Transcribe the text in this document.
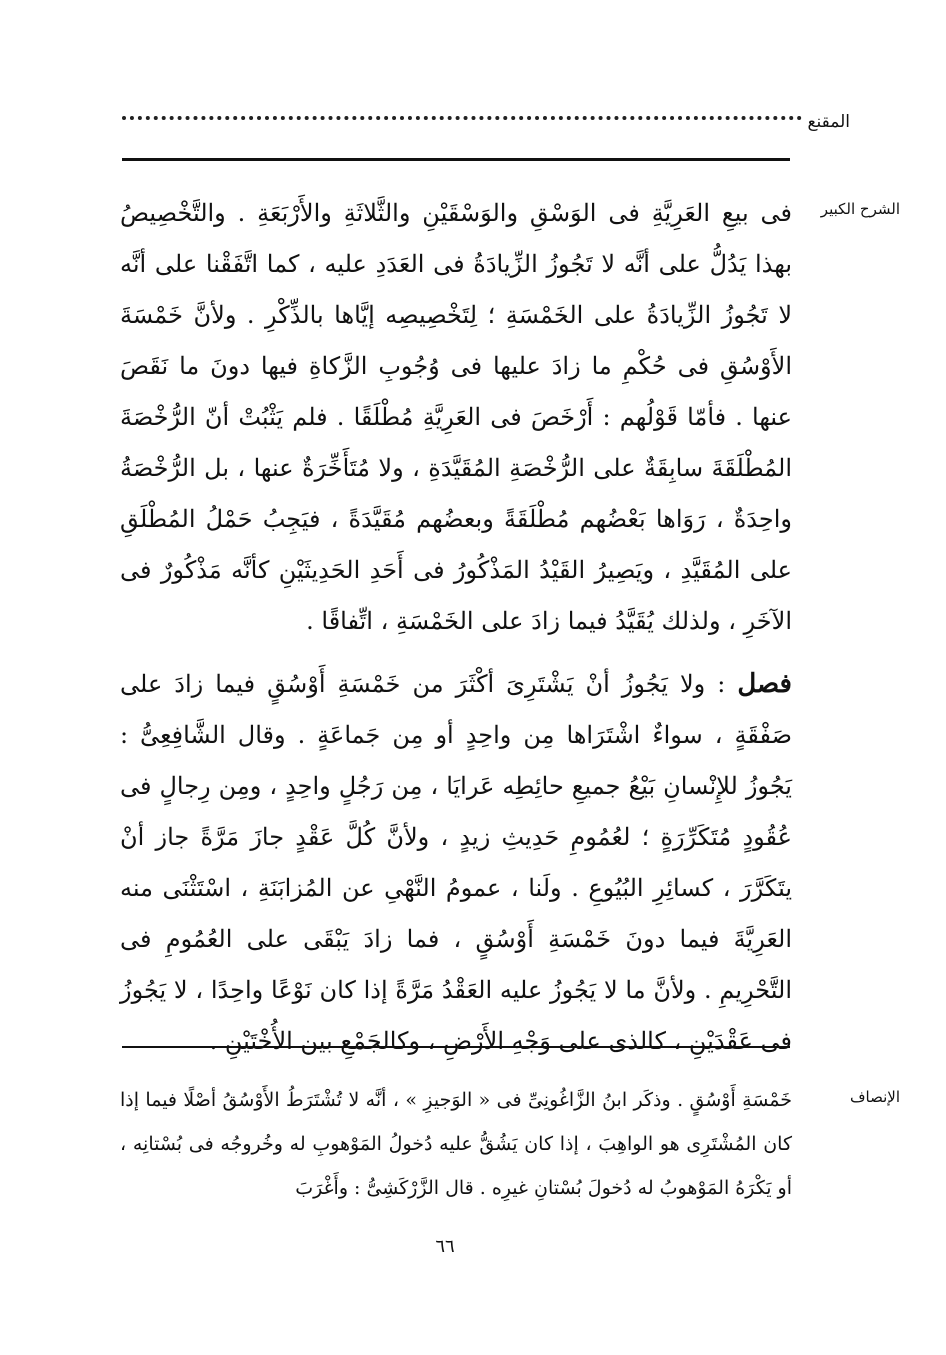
المقنع
الشرح الكبير

فى بيعِ العَرِيَّةِ فى الوَسْقِ والوَسْقَيْنِ والثَّلاثَةِ والأَرْبَعَةِ . والتَّخْصِيصُ بهذا يَدُلُّ على أنَّه لا تَجُوزُ الزِّيادَةُ فى العَدَدِ عليه ، كما اتَّفَقْنا على أنَّه لا تَجُوزُ الزِّيادَةُ على الخَمْسَةِ ؛ لِتَخْصِيصِه إيَّاها بالذِّكْرِ . ولأنَّ خَمْسَةَ الأَوْسُقِ فى حُكْمِ ما زادَ عليها فى وُجُوبِ الزَّكاةِ فيها دونَ ما نَقَصَ عنها . فأمّا قَوْلُهم : أَرْخَصَ فى العَرِيَّةِ مُطْلَقًا . فلم يَثْبُتْ أنّ الرُّخْصَةَ المُطْلَقَةَ سابِقَةٌ على الرُّخْصَةِ المُقَيَّدَةِ ، ولا مُتَأَخِّرَةٌ عنها ، بل الرُّخْصَةُ واحِدَةٌ ، رَوَاها بَعْضُهم مُطْلَقَةً وبعضُهم مُقَيَّدَةً ، فيَجِبُ حَمْلُ المُطْلَقِ على المُقَيَّدِ ، ويَصِيرُ القَيْدُ المَذْكُورُ فى أَحَدِ الحَدِيثَيْنِ كأنَّه مَذْكُورٌ فى الآخَرِ ، ولذلك يُقَيَّدُ فيما زادَ على الخَمْسَةِ ، اتِّفاقًا .

فصل : ولا يَجُوزُ أنْ يَشْتَرِىَ أكْثَرَ من خَمْسَةِ أَوْسُقٍ فيما زادَ على صَفْقَةٍ ، سواءٌ اشْتَرَاها مِن واحِدٍ أو مِن جَماعَةٍ . وقال الشَّافِعِىُّ : يَجُوزُ للإِنْسانِ بَيْعُ جميعِ حائِطِه عَرايَا ، مِن رَجُلٍ واحِدٍ ، ومِن رِجالٍ فى عُقُودٍ مُتَكَرِّرَةٍ ؛ لعُمُومِ حَدِيثِ زيدٍ ، ولأنَّ كُلَّ عَقْدٍ جازَ مَرَّةً جاز أنْ يتَكَرَّرَ ، كسائِرِ البُيُوعِ . ولَنا ، عمومُ النَّهْىِ عن المُزابَنَةِ ، اسْتَثْنَى منه العَرِيَّةَ فيما دونَ خَمْسَةِ أَوْسُقٍ ، فما زادَ يَبْقَى على العُمُومِ فى التَّحْرِيمِ . ولأنَّ ما لا يَجُوزُ عليه العَقْدُ مَرَّةً إذا كان نَوْعًا واحِدًا ، لا يَجُوزُ فى عَقْدَيْنِ ، كالذى على وَجْهِ الأَرْضِ ، وكالجَمْعِ بين الأُخْتَيْنِ .

الإنصاف

خَمْسَةِ أَوْسُقٍ . وذكَر ابنُ الزَّاغُونِىِّ فى « الوَجيزِ » ، أنَّه لا تُشْتَرَطُ الأَوْسُقُ أصْلًا فيما إذا كان المُشْتَرِى هو الواهِبَ ، إذا كان يَشُقُّ عليه دُخولُ المَوْهوبِ له وخُروجُه فى بُسْتانِه ، أو يَكْرَهُ المَوْهوبُ له دُخولَ بُسْتانِ غيرِه . قال الزَّرْكَشِىُّ : وأَغْرَبَ

٦٦
